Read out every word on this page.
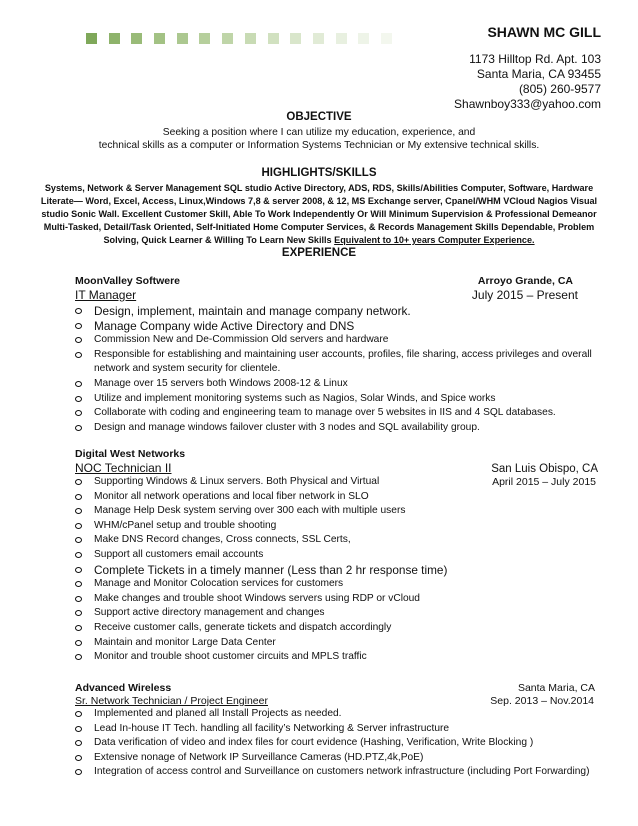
SHAWN MC GILL
1173 Hilltop Rd. Apt. 103
Santa Maria, CA 93455
(805) 260-9577
Shawnboy333@yahoo.com
OBJECTIVE
Seeking a position where I can utilize my education, experience, and
technical skills as a computer or Information Systems Technician or My extensive technical skills.
HIGHLIGHTS/SKILLS
Systems, Network & Server Management SQL studio Active Directory, ADS, RDS, Skills/Abilities Computer, Software, Hardware Literate— Word, Excel, Access, Linux,Windows 7,8 & server 2008, & 12, MS Exchange server, Cpanel/WHM VCloud Nagios Visual studio Sonic Wall. Excellent Customer Skill, Able To Work Independently Or Will Minimum Supervision & Professional Demeanor Multi-Tasked, Detail/Task Oriented, Self-Initiated Home Computer Services, & Records Management Skills Dependable, Problem Solving, Quick Learner & Willing To Learn New Skills Equivalent to 10+ years Computer Experience.
EXPERIENCE
MoonValley Softwere	Arroyo Grande, CA
IT Manager	July 2015 – Present
Design, implement, maintain and manage company network.
Manage Company wide Active Directory and DNS
Commission New and De-Commission Old servers and hardware
Responsible for establishing and maintaining user accounts, profiles, file sharing, access privileges and overall network and system security for clientele.
Manage over 15 servers both Windows 2008-12 & Linux
Utilize and implement monitoring systems such as Nagios, Solar Winds, and Spice works
Collaborate with coding and engineering team to manage over 5 websites in IIS and 4 SQL databases.
Design and manage windows failover cluster with 3 nodes and SQL availability group.
Digital West Networks
NOC Technician II	San Luis Obispo, CA
Supporting Windows & Linux servers. Both Physical and Virtual	April 2015 – July 2015
Monitor all network operations and local fiber network in SLO
Manage Help Desk system serving over 300 each with multiple users
WHM/cPanel setup and trouble shooting
Make DNS Record changes, Cross connects, SSL Certs,
Support all customers email accounts
Complete Tickets in a timely manner (Less than 2 hr response time)
Manage and Monitor Colocation services for customers
Make changes and trouble shoot Windows servers using RDP or vCloud
Support active directory management and changes
Receive customer calls, generate tickets and dispatch accordingly
Maintain and monitor Large Data Center
Monitor and trouble shoot customer circuits and MPLS traffic
Advanced Wireless	Santa Maria, CA
Sr. Network Technician / Project Engineer	Sep. 2013 – Nov.2014
Implemented and planed all Install Projects as needed.
Lead In-house IT Tech. handling all facility’s Networking & Server infrastructure
Data verification of video and index files for court evidence (Hashing, Verification, Write Blocking )
Extensive nonage of Network IP Surveillance Cameras (HD.PTZ,4k,PoE)
Integration of access control and Surveillance on customers network infrastructure (including Port Forwarding)
